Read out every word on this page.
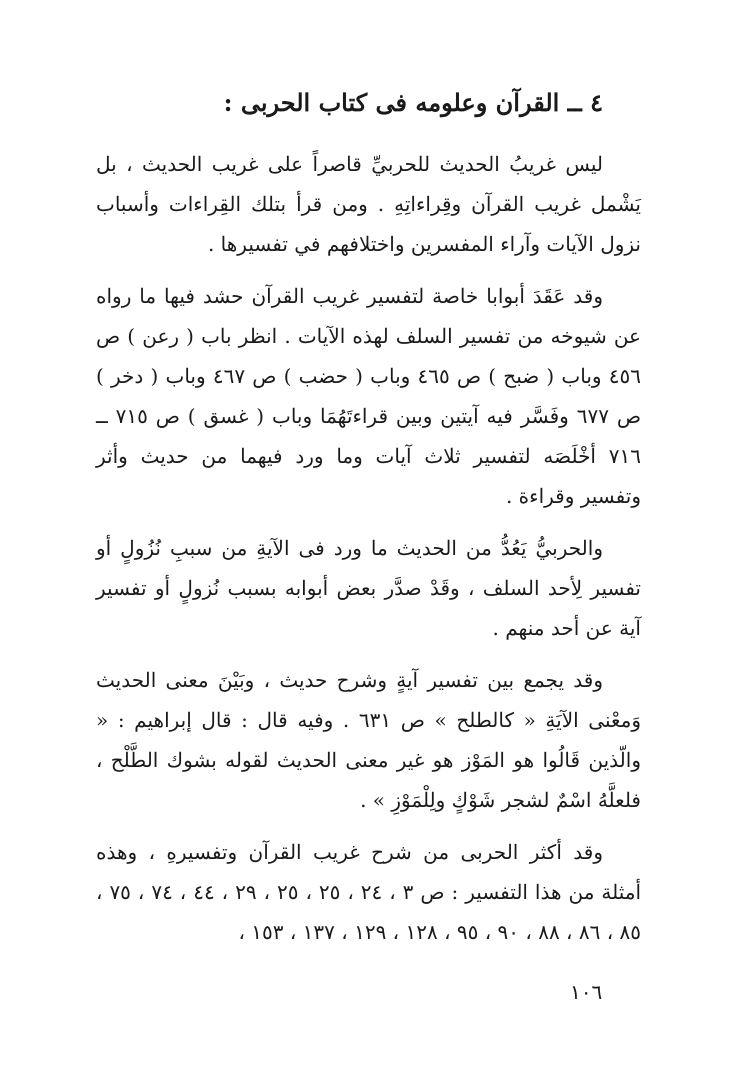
٤ ــ القرآن وعلومه فى كتاب الحربى :

ليس غريبُ الحديث للحربيِّ قاصراً على غريب الحديث ، بل يَشْمل غريب القرآن وقِراءاتِهِ . ومن قرأ بتلك القِراءات وأسباب نزول الآيات وآراء المفسرين واختلافهم في تفسيرها .

وقد عَقَدَ أبوابا خاصة لتفسير غريب القرآن حشد فيها ما رواه عن شيوخه من تفسير السلف لهذه الآيات . انظر باب ( رعن ) ص ٤٥٦ وباب ( ضبح ) ص ٤٦٥ وباب ( حضب ) ص ٤٦٧ وباب ( دخر ) ص ٦٧٧ وفَسَّر فيه آيتين وبين قراءتَهُمَا وباب ( غسق ) ص ٧١٥ ــ ٧١٦ أخْلَصَه لتفسير ثلاث آيات وما ورد فيهما من حديث وأثر وتفسير وقراءة .

والحربيُّ يَعُدُّ من الحديث ما ورد فى الآيةِ من سببِ نُزُولٍ أو تفسير لِأحد السلف ، وقَدْ صدَّر بعض أبوابه بسبب نُزولٍ أو تفسير آية عن أحد منهم .

وقد يجمع بين تفسير آيةٍ وشرح حديث ، وبَيْنَ معنى الحديث وَمعْنى الآيَةِ « كالطلح » ص ٦٣١ . وفيه قال : قال إبراهيم : « والّذين قَالُوا هو المَوْز هو غير معنى الحديث لقوله بشوك الطَّلْح ، فلعلَّهُ اسْمٌ لشجر شَوْكٍ ولِلْمَوْزِ » .

وقد أكثر الحربى من شرح غريب القرآن وتفسيرهِ ، وهذه أمثلة من هذا التفسير : ص ٣ ، ٢٤ ، ٢٥ ، ٢٥ ، ٢٩ ، ٤٤ ، ٧٤ ، ٧٥ ، ٨٥ ، ٨٦ ، ٨٨ ، ٩٠ ، ٩٥ ، ١٢٨ ، ١٢٩ ، ١٣٧ ، ١٥٣ ،

١٠٦
